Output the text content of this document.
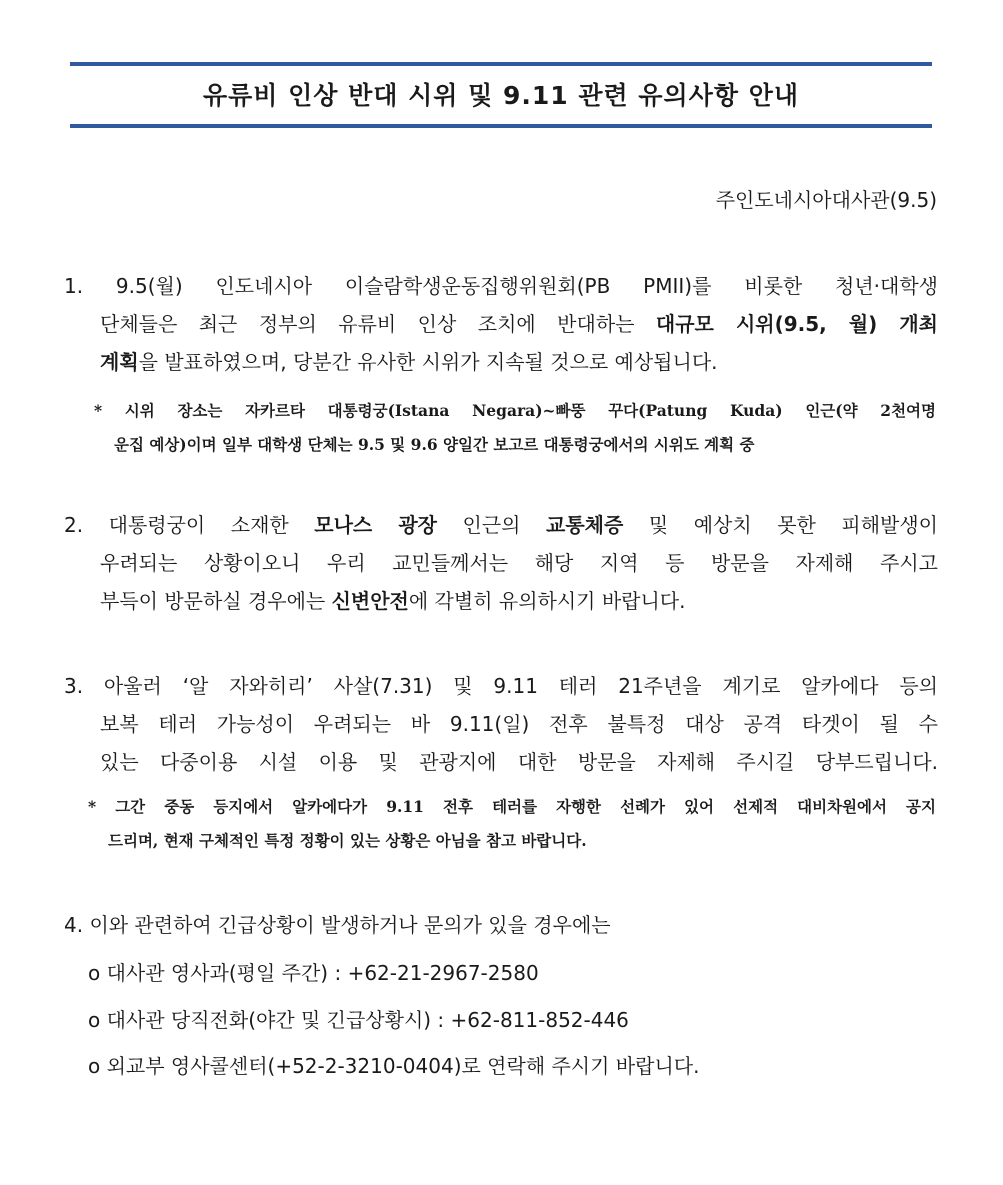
유류비 인상 반대 시위 및 9.11 관련 유의사항 안내
주인도네시아대사관(9.5)
1. 9.5(월) 인도네시아 이슬람학생운동집행위원회(PB PMII)를 비롯한 청년·대학생
단체들은 최근 정부의 유류비 인상 조치에 반대하는 대규모 시위(9.5, 월) 개최
계획을 발표하였으며, 당분간 유사한 시위가 지속될 것으로 예상됩니다.
* 시위 장소는 자카르타 대통령궁(Istana Negara)~빠뚱 꾸다(Patung Kuda) 인근(약 2천여명
운집 예상)이며 일부 대학생 단체는 9.5 및 9.6 양일간 보고르 대통령궁에서의 시위도 계획 중
2. 대통령궁이 소재한 모나스 광장 인근의 교통체증 및 예상치 못한 피해발생이
우려되는 상황이오니 우리 교민들께서는 해당 지역 등 방문을 자제해 주시고
부득이 방문하실 경우에는 신변안전에 각별히 유의하시기 바랍니다.
3. 아울러 ‘알 자와히리’ 사살(7.31) 및 9.11 테러 21주년을 계기로 알카에다 등의
보복 테러 가능성이 우려되는 바 9.11(일) 전후 불특정 대상 공격 타겟이 될 수
있는 다중이용 시설 이용 및 관광지에 대한 방문을 자제해 주시길 당부드립니다.
* 그간 중동 등지에서 알카에다가 9.11 전후 테러를 자행한 선례가 있어 선제적 대비차원에서 공지
드리며, 현재 구체적인 특정 정황이 있는 상황은 아님을 참고 바랍니다.
4. 이와 관련하여 긴급상황이 발생하거나 문의가 있을 경우에는
o 대사관 영사과(평일 주간) : +62-21-2967-2580
o 대사관 당직전화(야간 및 긴급상황시) : +62-811-852-446
o 외교부 영사콜센터(+52-2-3210-0404)로 연락해 주시기 바랍니다.
